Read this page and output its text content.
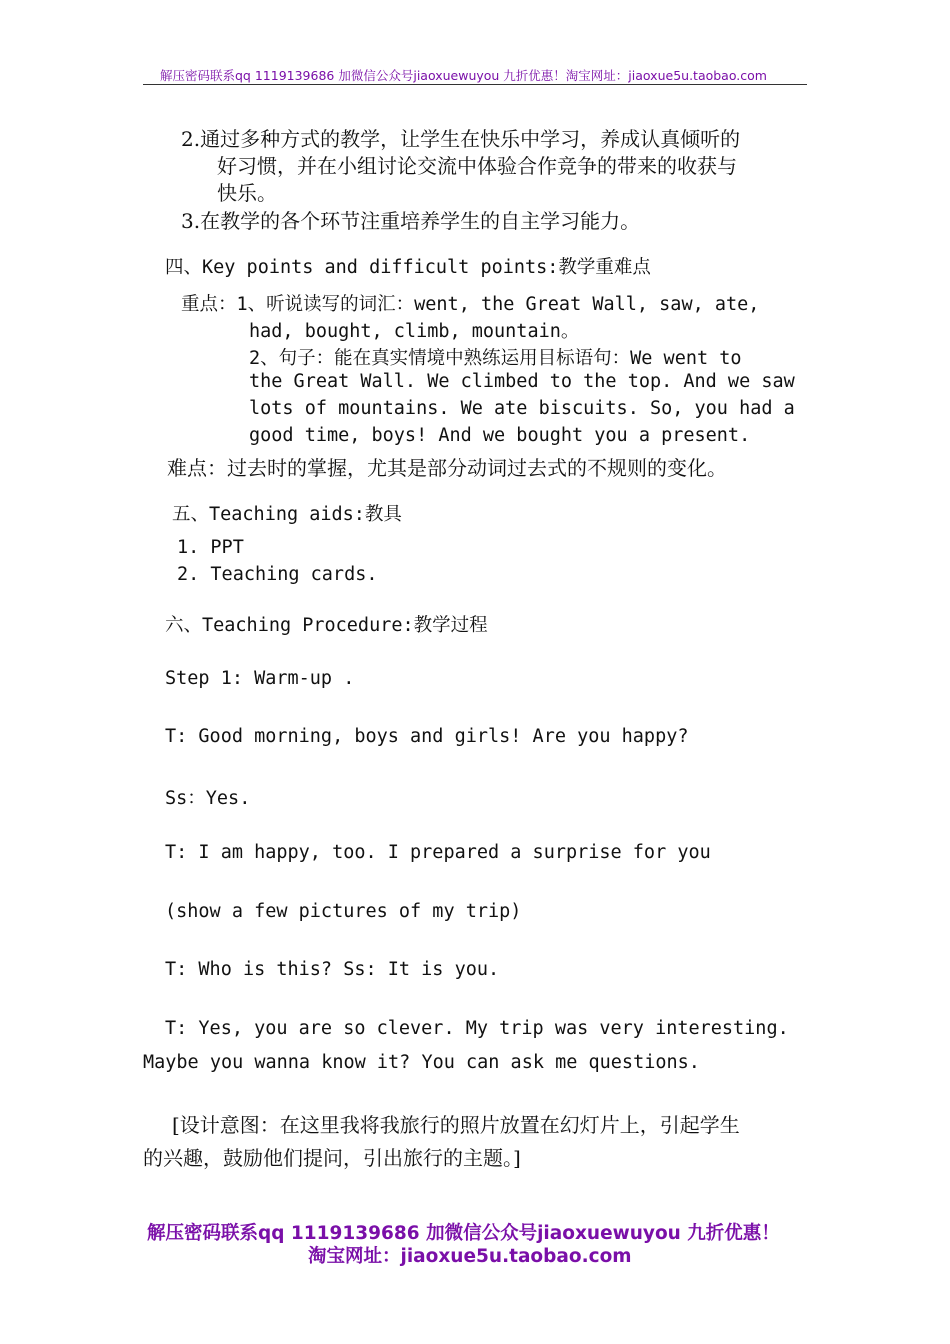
解压密码联系qq 1119139686 加微信公众号jiaoxuewuyou 九折优惠！淘宝网址：jiaoxue5u.taobao.com
2.通过多种方式的教学，让学生在快乐中学习，养成认真倾听的
好习惯，并在小组讨论交流中体验合作竞争的带来的收获与
快乐。
3.在教学的各个环节注重培养学生的自主学习能力。
四、Key points and difficult points:教学重难点
重点：1、听说读写的词汇：went, the Great Wall, saw, ate,
had, bought, climb, mountain。
2、句子：能在真实情境中熟练运用目标语句：We went to
the Great Wall. We climbed to the top. And we saw
lots of mountains. We ate biscuits. So, you had a
good time, boys! And we bought you a present.
难点：过去时的掌握，尤其是部分动词过去式的不规则的变化。
五、Teaching aids:教具
1. PPT
2. Teaching cards.
六、Teaching Procedure:教学过程
Step 1: Warm-up .
T: Good morning, boys and girls! Are you happy?
Ss：Yes.
T: I am happy, too. I prepared a surprise for you
(show a few pictures of my trip)
T: Who is this? Ss: It is you.
T: Yes, you are so clever. My trip was very interesting.
Maybe you wanna know it? You can ask me questions.
[设计意图：在这里我将我旅行的照片放置在幻灯片上，引起学生
的兴趣，鼓励他们提问，引出旅行的主题。]
解压密码联系qq 1119139686 加微信公众号jiaoxuewuyou 九折优惠！
淘宝网址：jiaoxue5u.taobao.com
